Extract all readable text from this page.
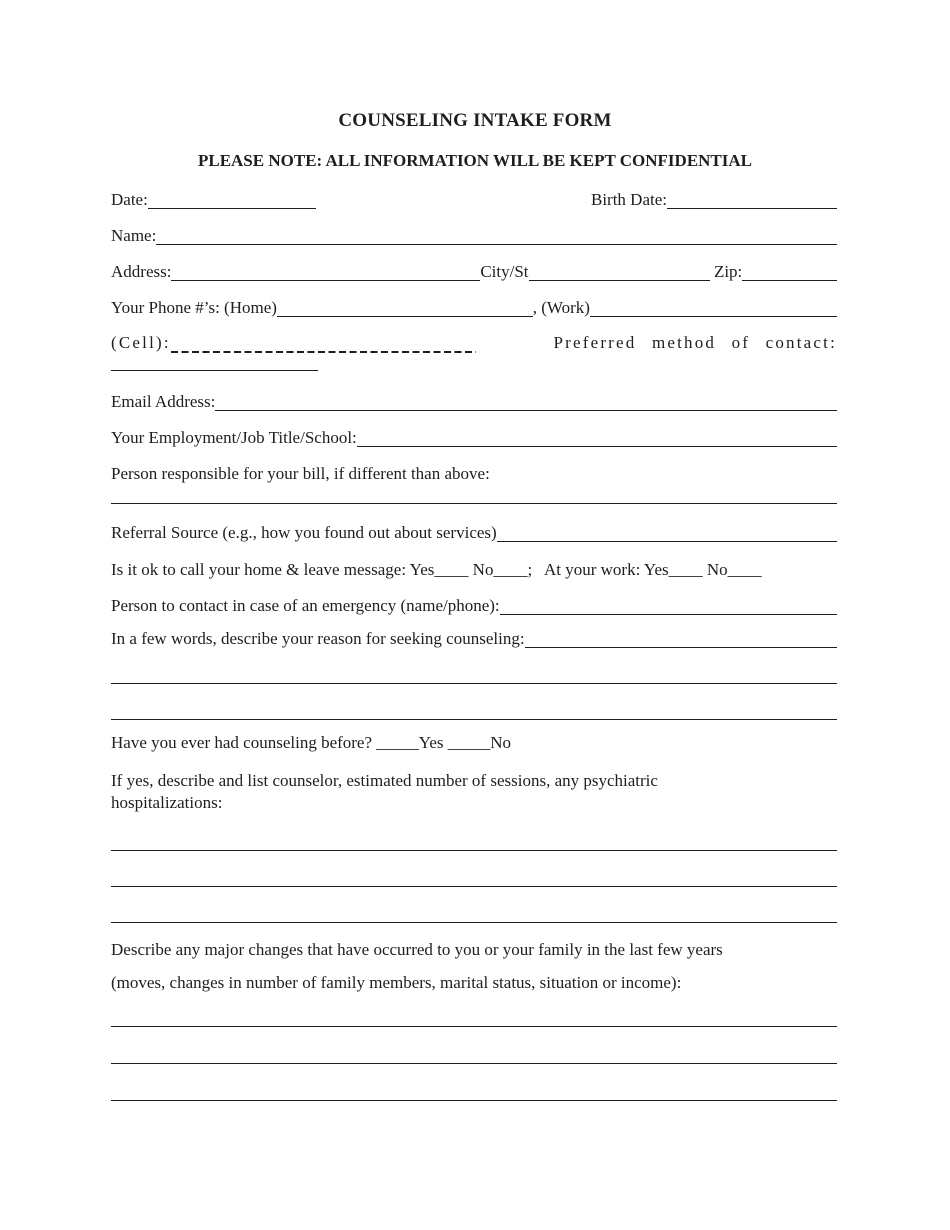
COUNSELING INTAKE FORM
PLEASE NOTE: ALL INFORMATION WILL BE KEPT CONFIDENTIAL
Date:	Birth Date:
Name:
Address:	City/St	Zip:
Your Phone #’s: (Home)	, (Work)
(Cell):	Preferred method of contact:
Email Address:
Your Employment/Job Title/School:
Person responsible for your bill, if different than above:
Referral Source (e.g., how you found out about services)
Is it ok to call your home & leave message: Yes____ No____;   At your work: Yes____ No____
Person to contact in case of an emergency (name/phone):
In a few words, describe your reason for seeking counseling:
Have you ever had counseling before? _____Yes _____No
If yes, describe and list counselor, estimated number of sessions, any psychiatric
hospitalizations:
Describe any major changes that have occurred to you or your family in the last few years
(moves, changes in number of family members, marital status, situation or income):
